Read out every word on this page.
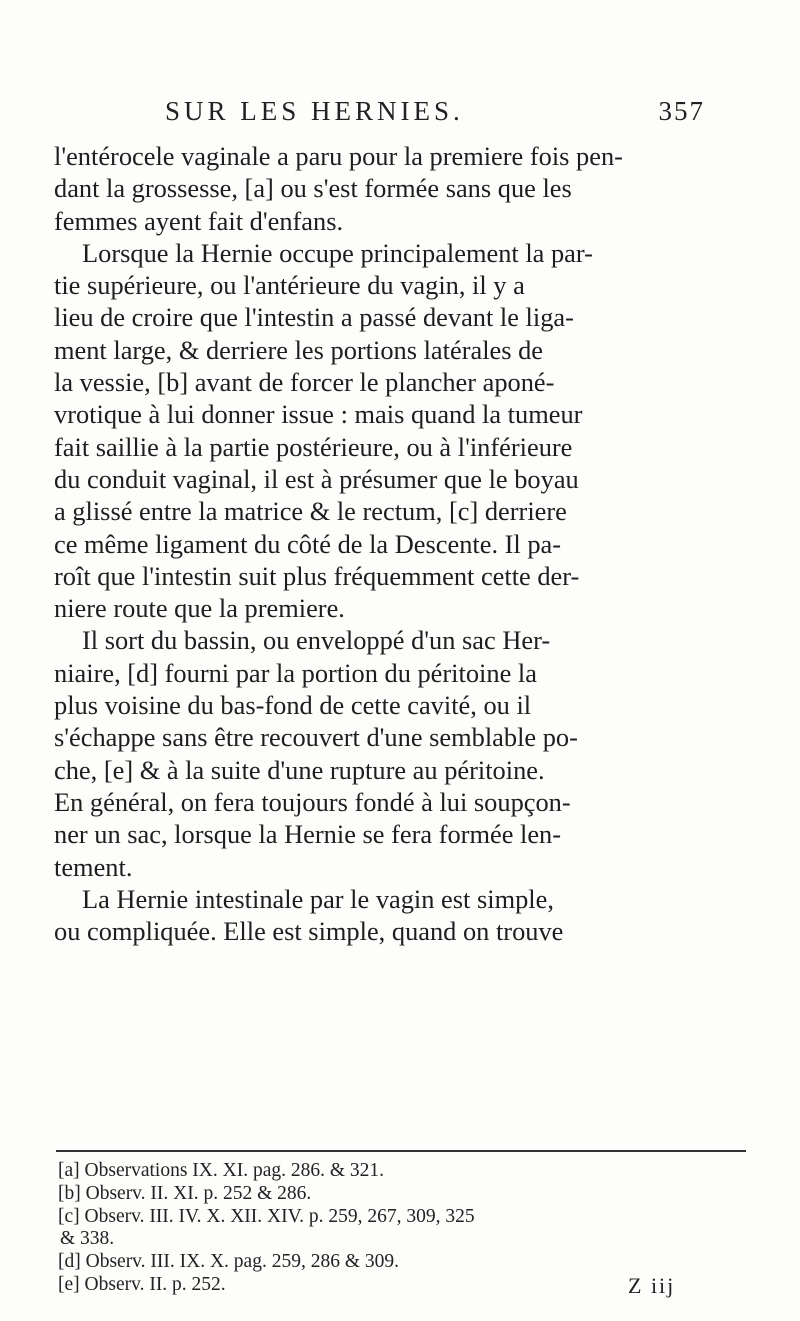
SUR LES HERNIES.	357

l'entérocele vaginale a paru pour la premiere fois pen-
dant la grossesse, [a] ou s'est formée sans que les
femmes ayent fait d'enfans.

Lorsque la Hernie occupe principalement la par-
tie supérieure, ou l'antérieure du vagin, il y a
lieu de croire que l'intestin a passé devant le liga-
ment large, & derriere les portions latérales de
la vessie, [b] avant de forcer le plancher aponé-
vrotique à lui donner issue : mais quand la tumeur
fait saillie à la partie postérieure, ou à l'inférieure
du conduit vaginal, il est à présumer que le boyau
a glissé entre la matrice & le rectum, [c] derriere
ce même ligament du côté de la Descente. Il pa-
roît que l'intestin suit plus fréquemment cette der-
niere route que la premiere.

Il sort du bassin, ou enveloppé d'un sac Her-
niaire, [d] fourni par la portion du péritoine la
plus voisine du bas-fond de cette cavité, ou il
s'échappe sans être recouvert d'une semblable po-
che, [e] & à la suite d'une rupture au péritoine.
En général, on fera toujours fondé à lui soupçon-
ner un sac, lorsque la Hernie se fera formée len-
tement.

La Hernie intestinale par le vagin est simple,
ou compliquée. Elle est simple, quand on trouve

[a] Observations IX. XI. pag. 286. & 321.
[b] Observ. II. XI. p. 252 & 286.
[c] Observ. III. IV. X. XII. XIV. p. 259, 267, 309, 325
& 338.
[d] Observ. III. IX. X. pag. 259, 286 & 309.
[e] Observ. II. p. 252.	Z iij
